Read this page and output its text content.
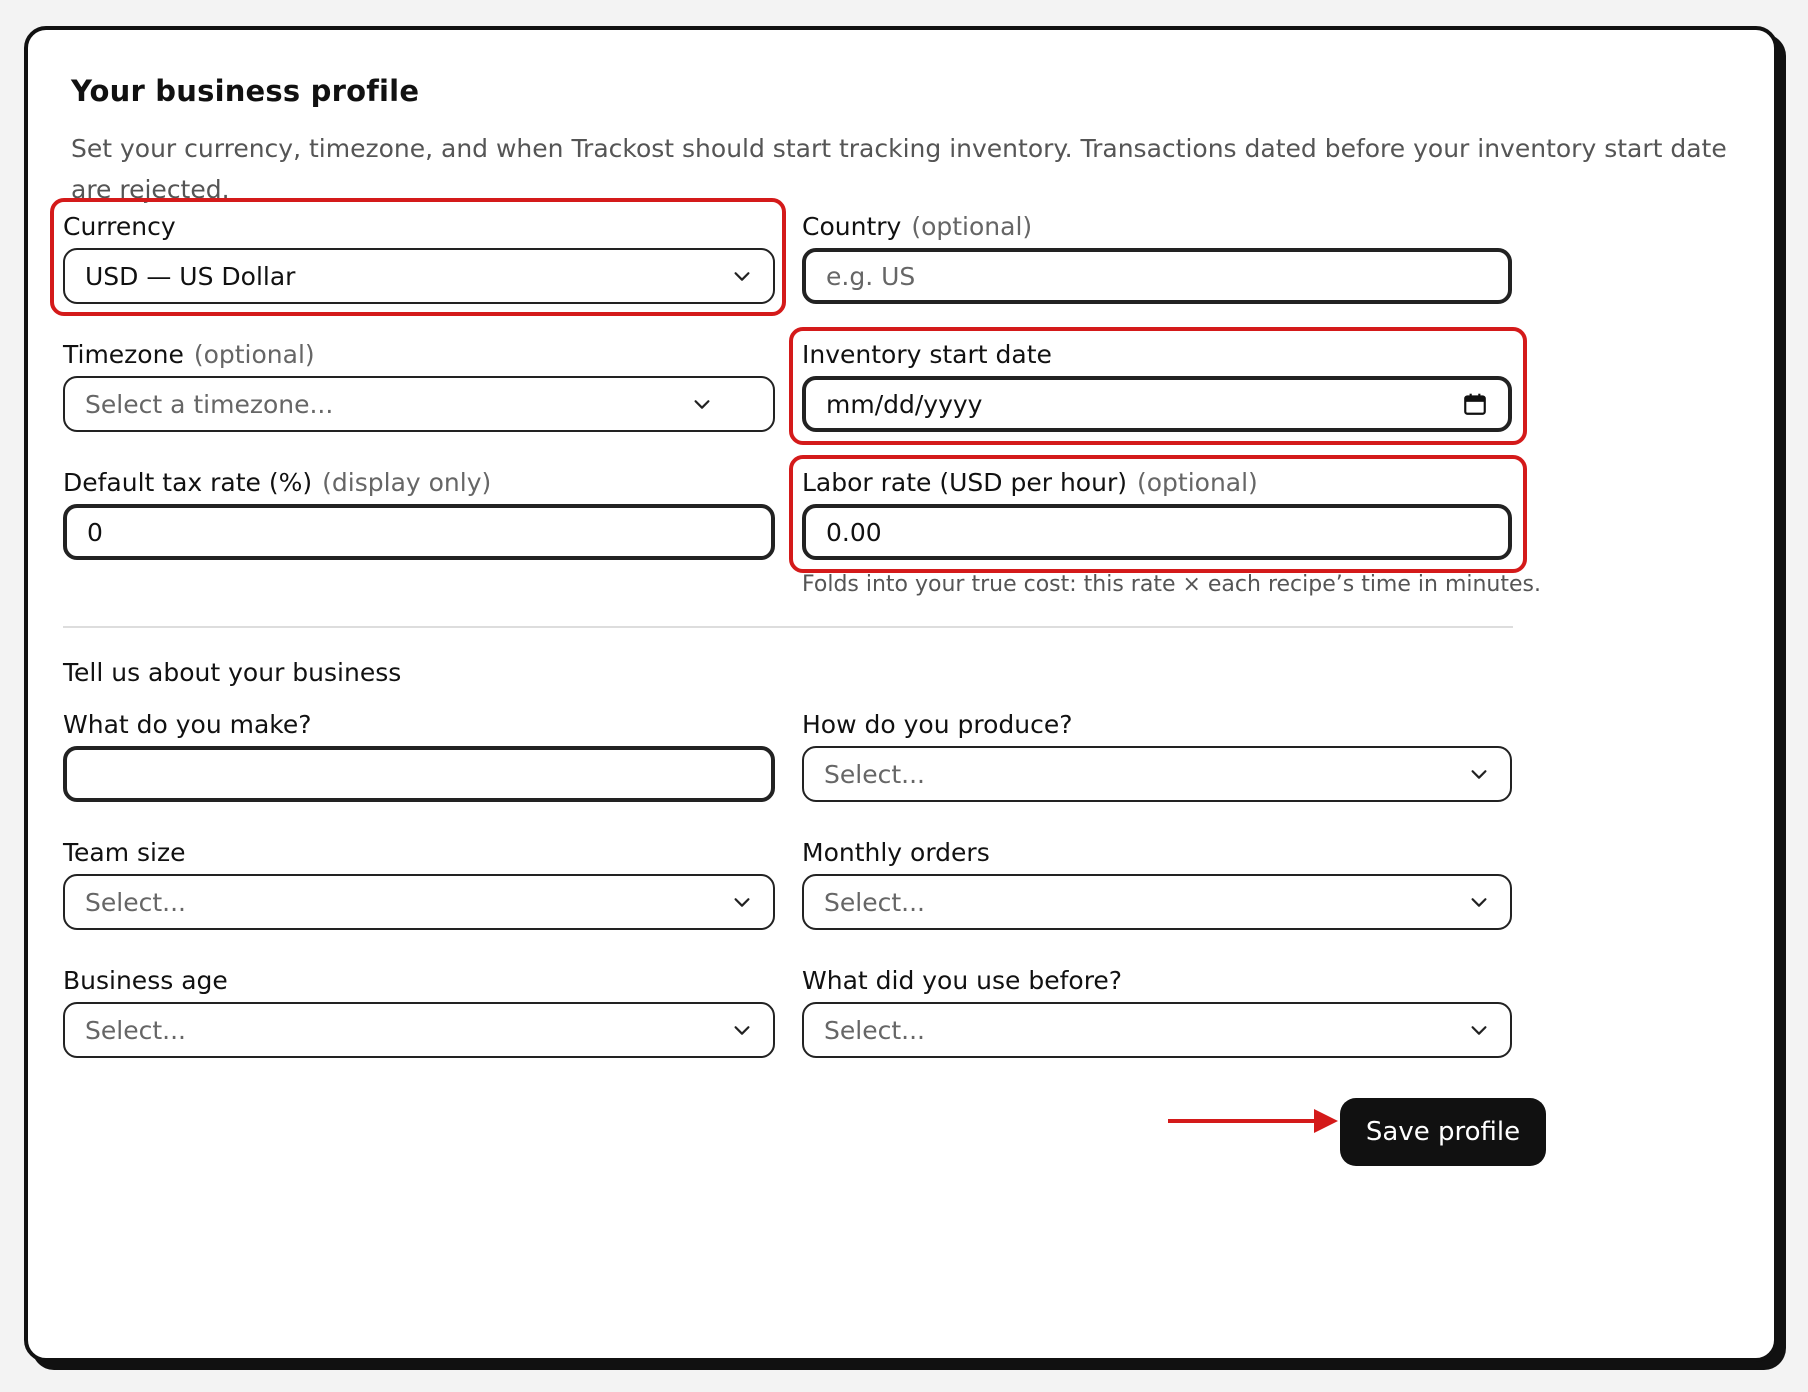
Your business profile
Set your currency, timezone, and when Trackost should start tracking inventory. Transactions dated before your inventory start date are rejected.
Currency
USD — US Dollar
Country (optional)
e.g. US
Timezone (optional)
Select a timezone...
Inventory start date
mm/dd/yyyy
Default tax rate (%) (display only)
0
Labor rate (USD per hour) (optional)
0.00
Folds into your true cost: this rate × each recipe’s time in minutes.
Tell us about your business
What do you make?	How do you produce?
Select...
Team size
Select...
Monthly orders
Select...
Business age
Select...
What did you use before?
Select...
Save profile
